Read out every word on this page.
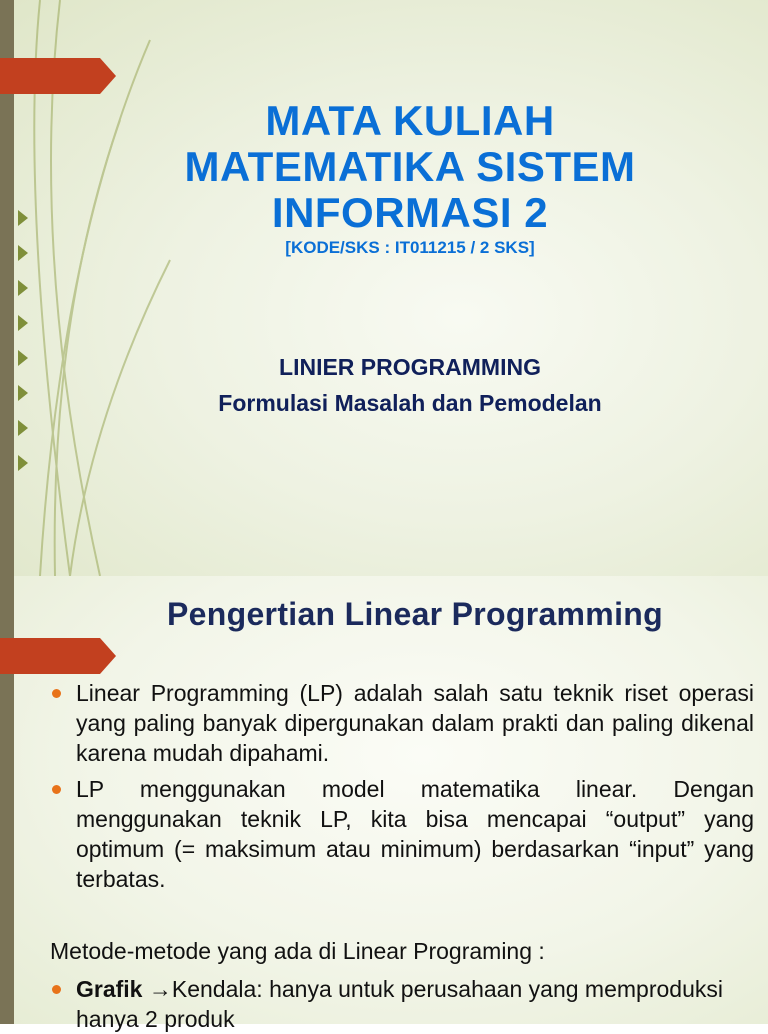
MATA KULIAH
MATEMATIKA SISTEM
INFORMASI 2
[KODE/SKS : IT011215 / 2 SKS]
LINIER PROGRAMMING
Formulasi Masalah dan Pemodelan
Pengertian Linear Programming
Linear Programming (LP) adalah salah satu teknik riset operasi yang paling banyak dipergunakan dalam prakti dan paling dikenal karena mudah dipahami.
LP menggunakan model matematika linear. Dengan menggunakan teknik LP, kita bisa mencapai “output” yang optimum (= maksimum atau minimum) berdasarkan “input” yang terbatas.
Metode-metode yang ada di Linear Programing :
Grafik →Kendala: hanya untuk perusahaan yang memproduksi hanya 2 produk
